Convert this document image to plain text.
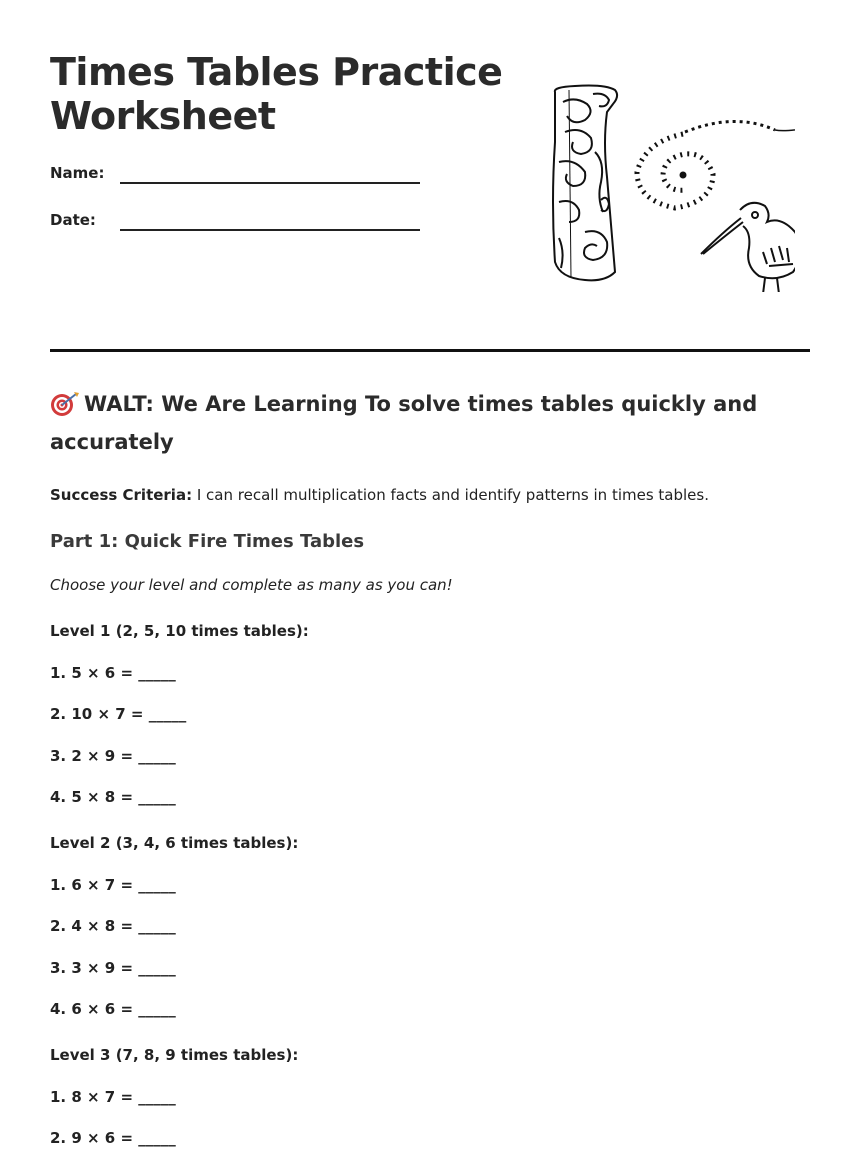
Times Tables Practice Worksheet
Name:
Date:
WALT: We Are Learning To solve times tables quickly and accurately
Success Criteria: I can recall multiplication facts and identify patterns in times tables.
Part 1: Quick Fire Times Tables
Choose your level and complete as many as you can!
Level 1 (2, 5, 10 times tables):
1. 5 × 6 = _____
2. 10 × 7 = _____
3. 2 × 9 = _____
4. 5 × 8 = _____
Level 2 (3, 4, 6 times tables):
1. 6 × 7 = _____
2. 4 × 8 = _____
3. 3 × 9 = _____
4. 6 × 6 = _____
Level 3 (7, 8, 9 times tables):
1. 8 × 7 = _____
2. 9 × 6 = _____
